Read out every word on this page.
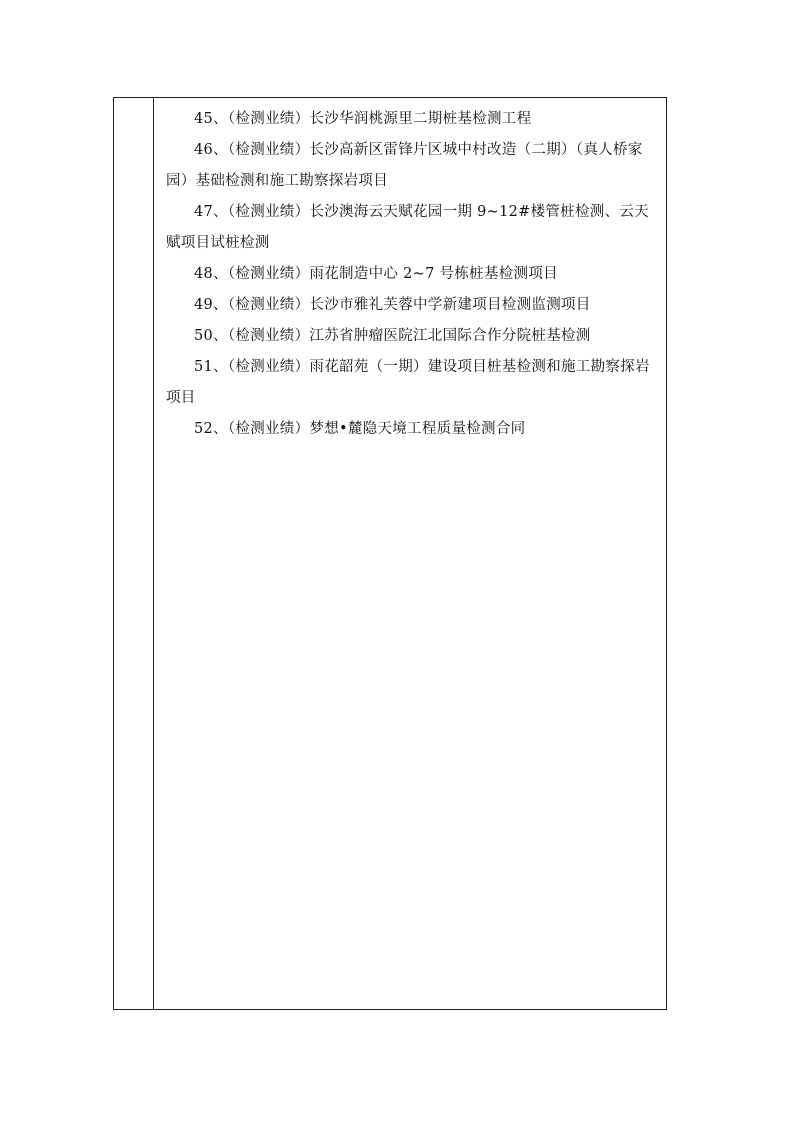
45、（检测业绩）长沙华润桃源里二期桩基检测工程

46、（检测业绩）长沙高新区雷锋片区城中村改造（二期）（真人桥家园）基础检测和施工勘察探岩项目

47、（检测业绩）长沙澳海云天赋花园一期 9~12#楼管桩检测、云天赋项目试桩检测

48、（检测业绩）雨花制造中心 2~7 号栋桩基检测项目

49、（检测业绩）长沙市雅礼芙蓉中学新建项目检测监测项目

50、（检测业绩）江苏省肿瘤医院江北国际合作分院桩基检测

51、（检测业绩）雨花韶苑（一期）建设项目桩基检测和施工勘察探岩项目

52、（检测业绩）梦想•麓隐天境工程质量检测合同
